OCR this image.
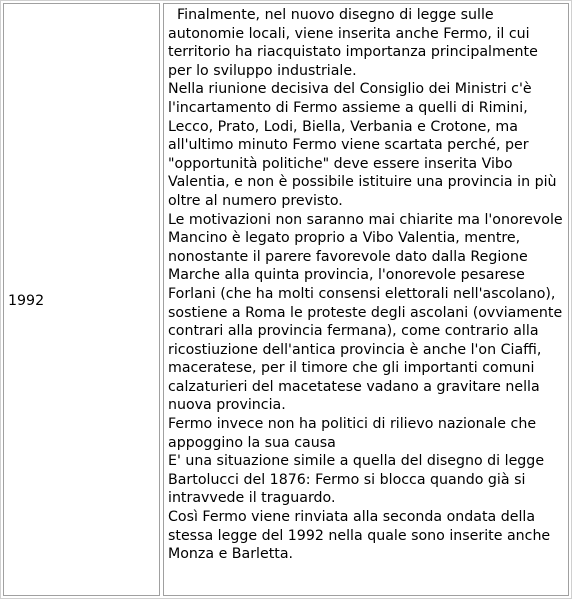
1992

Finalmente, nel nuovo disegno di legge sulle autonomie locali, viene inserita anche Fermo, il cui territorio ha riacquistato importanza principalmente per lo sviluppo industriale.

Nella riunione decisiva del Consiglio dei Ministri c'è l'incartamento di Fermo assieme a quelli di Rimini, Lecco, Prato, Lodi, Biella, Verbania e Crotone, ma all'ultimo minuto Fermo viene scartata perché, per "opportunità politiche" deve essere inserita Vibo Valentia, e non è possibile istituire una provincia in più oltre al numero previsto.

Le motivazioni non saranno mai chiarite ma l'onorevole Mancino è legato proprio a Vibo Valentia, mentre, nonostante il parere favorevole dato dalla Regione Marche alla quinta provincia, l'onorevole pesarese Forlani (che ha molti consensi elettorali nell'ascolano), sostiene a Roma le proteste degli ascolani (ovviamente contrari alla provincia fermana), come contrario alla ricostiuzione dell'antica provincia è anche l'on Ciaffi, maceratese, per il timore che gli importanti comuni calzaturieri del macetatese vadano a gravitare nella nuova provincia.

Fermo invece non ha politici di rilievo nazionale che appoggino la sua causa

E' una situazione simile a quella del disegno di legge Bartolucci del 1876: Fermo si blocca quando già si intravvede il traguardo.

Così Fermo viene rinviata alla seconda ondata della stessa legge del 1992 nella quale sono inserite anche Monza e Barletta.
